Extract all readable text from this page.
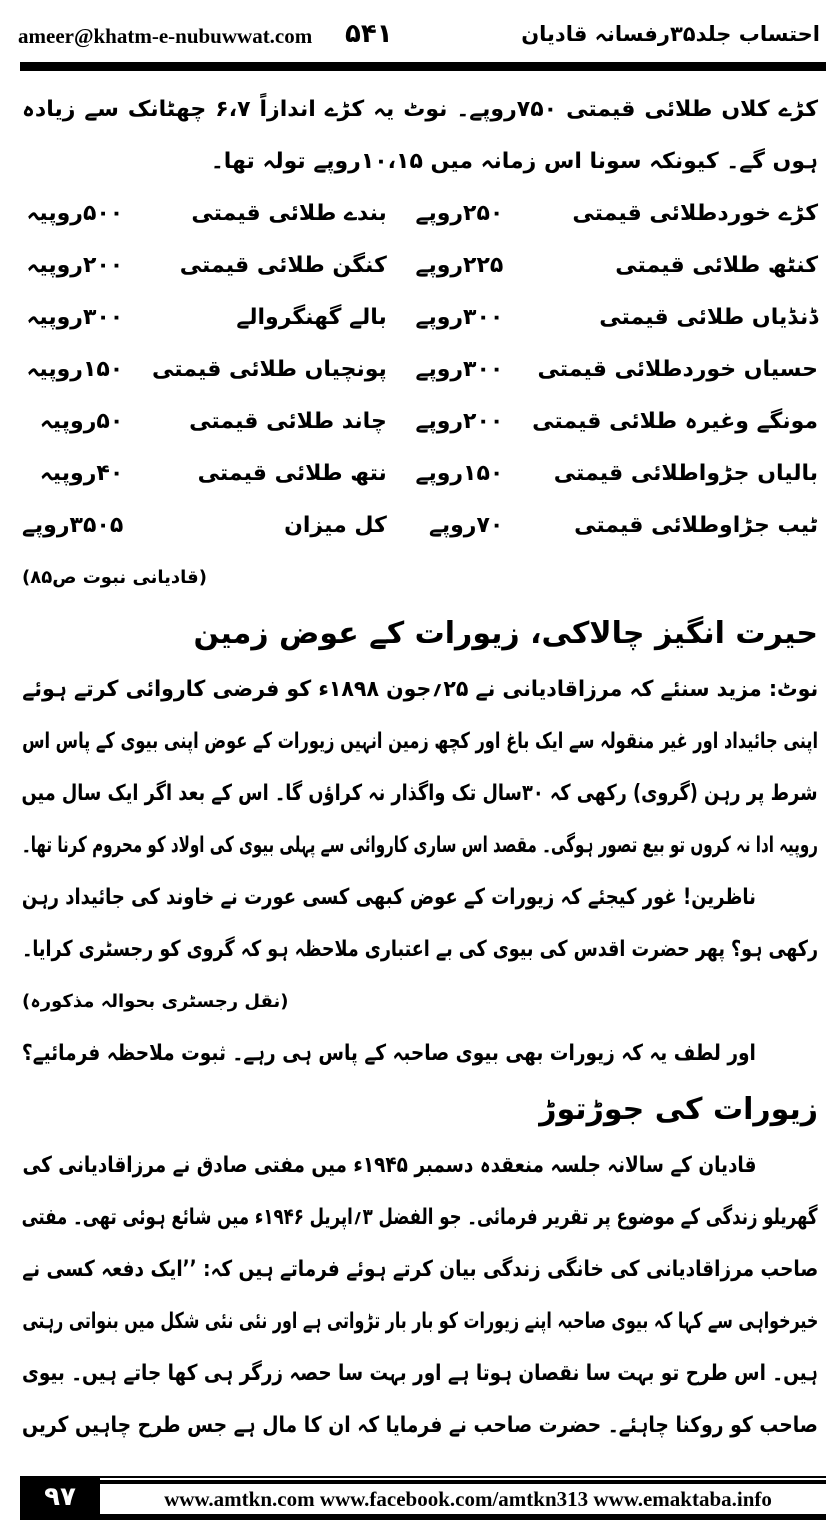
ameer@khatm-e-nubuwwat.com ۵۴۱	احتساب جلد۳۵رفسانہ قادیان
کڑے کلاں طلائی قیمتی ۷۵۰روپے۔ نوٹ یہ کڑے اندازاً ۶،۷ چھٹانک سے زیادہ
ہوں گے۔ کیونکہ سونا اس زمانہ میں ۱۰،۱۵روپے تولہ تھا۔
کڑے خوردطلائی قیمتی
۲۵۰روپے
بندے طلائی قیمتی
۵۰۰روپیہ
کنٹھ طلائی قیمتی
۲۲۵روپے
کنگن طلائی قیمتی
۲۰۰روپیہ
ڈنڈیاں طلائی قیمتی
۳۰۰روپے
بالے گھنگروالے
۳۰۰روپیہ
حسیاں خوردطلائی قیمتی
۳۰۰روپے
پونچیاں طلائی قیمتی
۱۵۰روپیہ
مونگے وغیرہ طلائی قیمتی
۲۰۰روپے
چاند طلائی قیمتی
۵۰روپیہ
بالیاں جڑواطلائی قیمتی
۱۵۰روپے
نتھ طلائی قیمتی
۴۰روپیہ
ٹیب جڑاوطلائی قیمتی
۷۰روپے
کل میزان
۳۵۰۵روپے
(قادیانی نبوت ص۸۵)
حیرت انگیز چالاکی، زیورات کے عوض زمین
نوٹ: مزید سنئے کہ مرزاقادیانی نے ۲۵؍جون ۱۸۹۸ء کو فرضی کاروائی کرتے ہوئے
اپنی جائیداد اور غیر منقولہ سے ایک باغ اور کچھ زمین انہیں زیورات کے عوض اپنی بیوی کے پاس اس
شرط پر رہن (گروی) رکھی کہ ۳۰سال تک واگذار نہ کراؤں گا۔ اس کے بعد اگر ایک سال میں
روپیہ ادا نہ کروں تو بیع تصور ہوگی۔ مقصد اس ساری کاروائی سے پہلی بیوی کی اولاد کو محروم کرنا تھا۔
ناظرین! غور کیجئے کہ زیورات کے عوض کبھی کسی عورت نے خاوند کی جائیداد رہن
رکھی ہو؟ پھر حضرت اقدس کی بیوی کی بے اعتباری ملاحظہ ہو کہ گروی کو رجسٹری کرایا۔
(نقل رجسٹری بحوالہ مذکورہ)
اور لطف یہ کہ زیورات بھی بیوی صاحبہ کے پاس ہی رہے۔ ثبوت ملاحظہ فرمائیے؟
زیورات کی جوڑتوڑ
قادیان کے سالانہ جلسہ منعقدہ دسمبر ۱۹۴۵ء میں مفتی صادق نے مرزاقادیانی کی
گھریلو زندگی کے موضوع پر تقریر فرمائی۔ جو الفضل ۳؍اپریل ۱۹۴۶ء میں شائع ہوئی تھی۔ مفتی
صاحب مرزاقادیانی کی خانگی زندگی بیان کرتے ہوئے فرماتے ہیں کہ: ’’ایک دفعہ کسی نے
خیرخواہی سے کہا کہ بیوی صاحبہ اپنے زیورات کو بار بار تڑواتی ہے اور نئی نئی شکل میں بنواتی رہتی
ہیں۔ اس طرح تو بہت سا نقصان ہوتا ہے اور بہت سا حصہ زرگر ہی کھا جاتے ہیں۔ بیوی
صاحب کو روکنا چاہئے۔ حضرت صاحب نے فرمایا کہ ان کا مال ہے جس طرح چاہیں کریں
۹۷	www.amtkn.com www.facebook.com/amtkn313 www.emaktaba.info
